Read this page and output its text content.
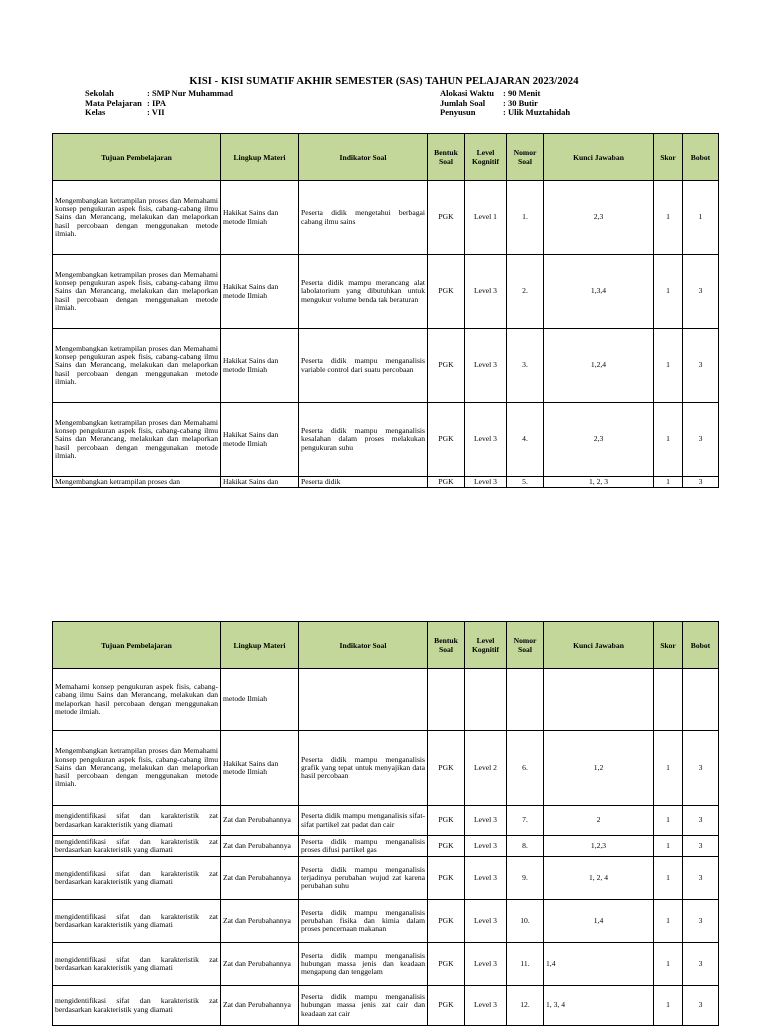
KISI - KISI SUMATIF AKHIR SEMESTER (SAS) TAHUN PELAJARAN 2023/2024
Sekolah	: SMP Nur Muhammad
Mata Pelajaran : IPA
Kelas	: VII
Alokasi Waktu	: 90 Menit
Jumlah Soal	: 30 Butir
Penyusun	: Ulik Muztahidah
Tujuan Pembelajaran	Lingkup Materi	Indikator Soal	Bentuk Soal	Level Kognitif	Nomor Soal	Kunci Jawaban	Skor	Bobot
Mengembangkan ketrampilan proses dan Memahami konsep pengukuran aspek fisis, cabang-cabang ilmu Sains dan Merancang, melakukan dan melaporkan hasil percobaan dengan menggunakan metode ilmiah.	Hakikat Sains dan metode Ilmiah	Peserta didik mengetahui berbagai cabang ilmu sains	PGK	Level 1	1.	2,3	1	1
Mengembangkan ketrampilan proses dan Memahami konsep pengukuran aspek fisis, cabang-cabang ilmu Sains dan Merancang, melakukan dan melaporkan hasil percobaan dengan menggunakan metode ilmiah.	Hakikat Sains dan metode Ilmiah	Peserta didik mampu merancang alat labolatorium yang dibutuhkan untuk mengukur volume benda tak beraturan	PGK	Level 3	2.	1,3,4	1	3
Mengembangkan ketrampilan proses dan Memahami konsep pengukuran aspek fisis, cabang-cabang ilmu Sains dan Merancang, melakukan dan melaporkan hasil percobaan dengan menggunakan metode ilmiah.	Hakikat Sains dan metode Ilmiah	Peserta didik mampu menganalisis variable control dari suatu percobaan	PGK	Level 3	3.	1,2,4	1	3
Mengembangkan ketrampilan proses dan Memahami konsep pengukuran aspek fisis, cabang-cabang ilmu Sains dan Merancang, melakukan dan melaporkan hasil percobaan dengan menggunakan metode ilmiah.	Hakikat Sains dan metode Ilmiah	Peserta didik mampu menganalisis kesalahan dalam proses melakukan pengukuran suhu	PGK	Level 3	4.	2,3	1	3
Mengembangkan ketrampilan proses dan	Hakikat Sains dan	Peserta didik	PGK	Level 3	5.	1, 2, 3	1	3
Tujuan Pembelajaran	Lingkup Materi	Indikator Soal	Bentuk Soal	Level Kognitif	Nomor Soal	Kunci Jawaban	Skor	Bobot
Memahami konsep pengukuran aspek fisis, cabang-cabang ilmu Sains dan Merancang, melakukan dan melaporkan hasil percobaan dengan menggunakan metode ilmiah.	metode Ilmiah							
Mengembangkan ketrampilan proses dan Memahami konsep pengukuran aspek fisis, cabang-cabang ilmu Sains dan Merancang, melakukan dan melaporkan hasil percobaan dengan menggunakan metode ilmiah.	Hakikat Sains dan metode Ilmiah	Peserta didik mampu menganalisis grafik yang tepat untuk menyajikan data hasil percobaan	PGK	Level 2	6.	1,2	1	3
mengidentifikasi sifat dan karakteristik zat berdasarkan karakteristik yang diamati	Zat dan Perubahannya	Peserta didik mampu menganalisis sifat-sifat partikel zat padat dan cair	PGK	Level 3	7.	2	1	3
mengidentifikasi sifat dan karakteristik zat berdasarkan karakteristik yang diamati	Zat dan Perubahannya	Peserta didik mampu menganalisis proses difusi partikel gas	PGK	Level 3	8.	1,2,3	1	3
mengidentifikasi sifat dan karakteristik zat berdasarkan karakteristik yang diamati	Zat dan Perubahannya	Peserta didik mampu menganalisis terjadinya perubahan wujud zat karena perubahan suhu	PGK	Level 3	9.	1, 2, 4	1	3
mengidentifikasi sifat dan karakteristik zat berdasarkan karakteristik yang diamati	Zat dan Perubahannya	Peserta didik mampu menganalisis perubahan fisika dan kimia dalam proses pencernaan makanan	PGK	Level 3	10.	1,4	1	3
mengidentifikasi sifat dan karakteristik zat berdasarkan karakteristik yang diamati	Zat dan Perubahannya	Peserta didik mampu menganalisis hubungan massa jenis dan keadaan mengapung dan tenggelam	PGK	Level 3	11.	1,4	1	3
mengidentifikasi sifat dan karakteristik zat berdasarkan karakteristik yang diamati	Zat dan Perubahannya	Peserta didik mampu menganalisis hubungan massa jenis zat cair dan keadaan zat cair	PGK	Level 3	12.	1, 3, 4	1	3
